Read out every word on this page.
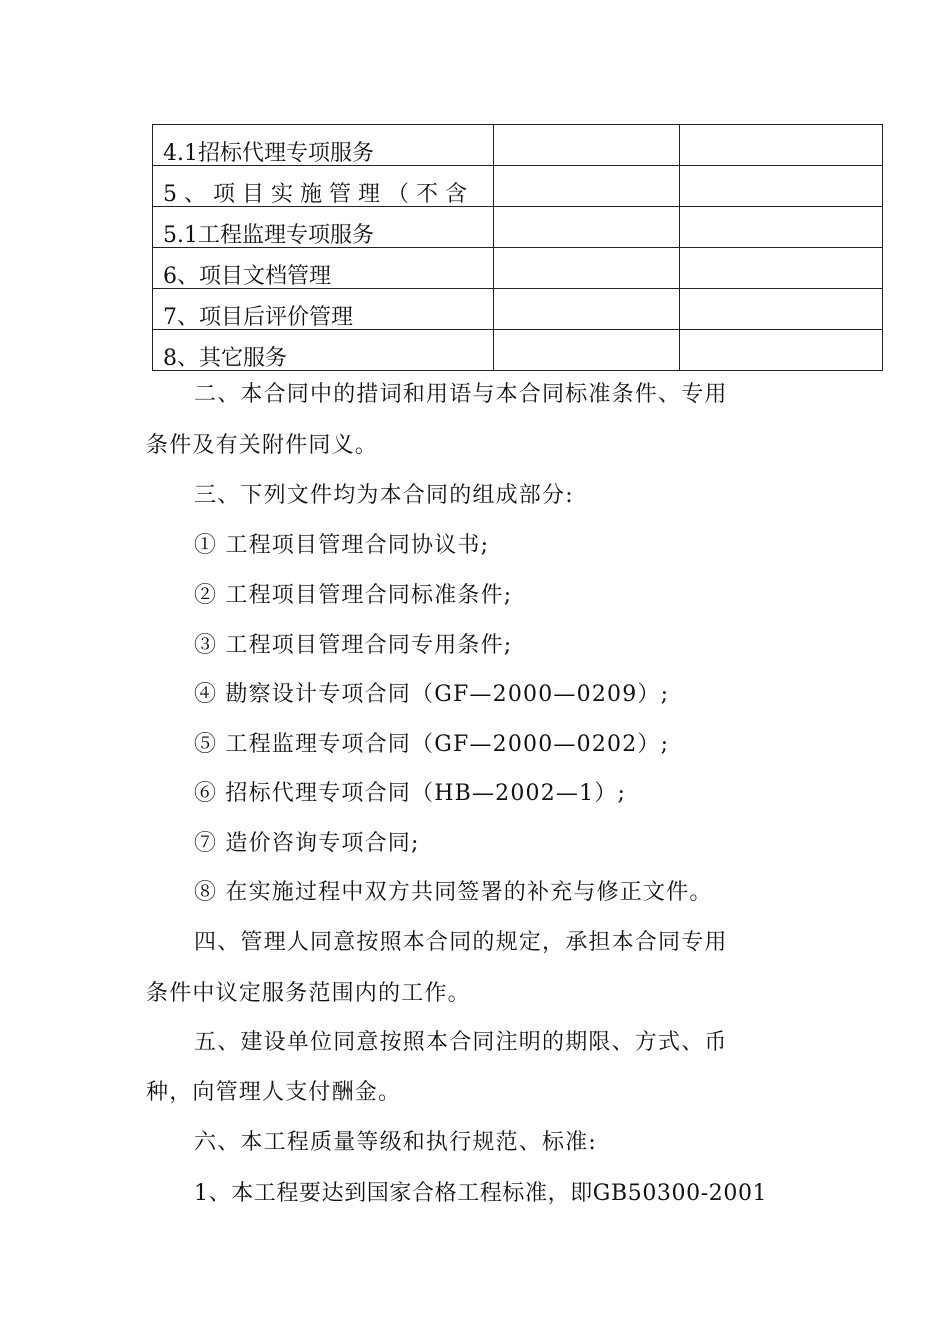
4.1招标代理专项服务		
5、项目实施管理（不含		
5.1工程监理专项服务		
6、项目文档管理		
7、项目后评价管理		
8、其它服务		

二、本合同中的措词和用语与本合同标准条件、专用

条件及有关附件同义。

三、下列文件均为本合同的组成部分:

① 工程项目管理合同协议书;

② 工程项目管理合同标准条件;

③ 工程项目管理合同专用条件;

④ 勘察设计专项合同（GF—2000—0209）;

⑤ 工程监理专项合同（GF—2000—0202）;

⑥ 招标代理专项合同（HB—2002—1）;

⑦ 造价咨询专项合同;

⑧ 在实施过程中双方共同签署的补充与修正文件。

四、管理人同意按照本合同的规定，承担本合同专用

条件中议定服务范围内的工作。

五、建设单位同意按照本合同注明的期限、方式、币

种，向管理人支付酬金。

六、本工程质量等级和执行规范、标准:

1、本工程要达到国家合格工程标准，即GB50300-2001
